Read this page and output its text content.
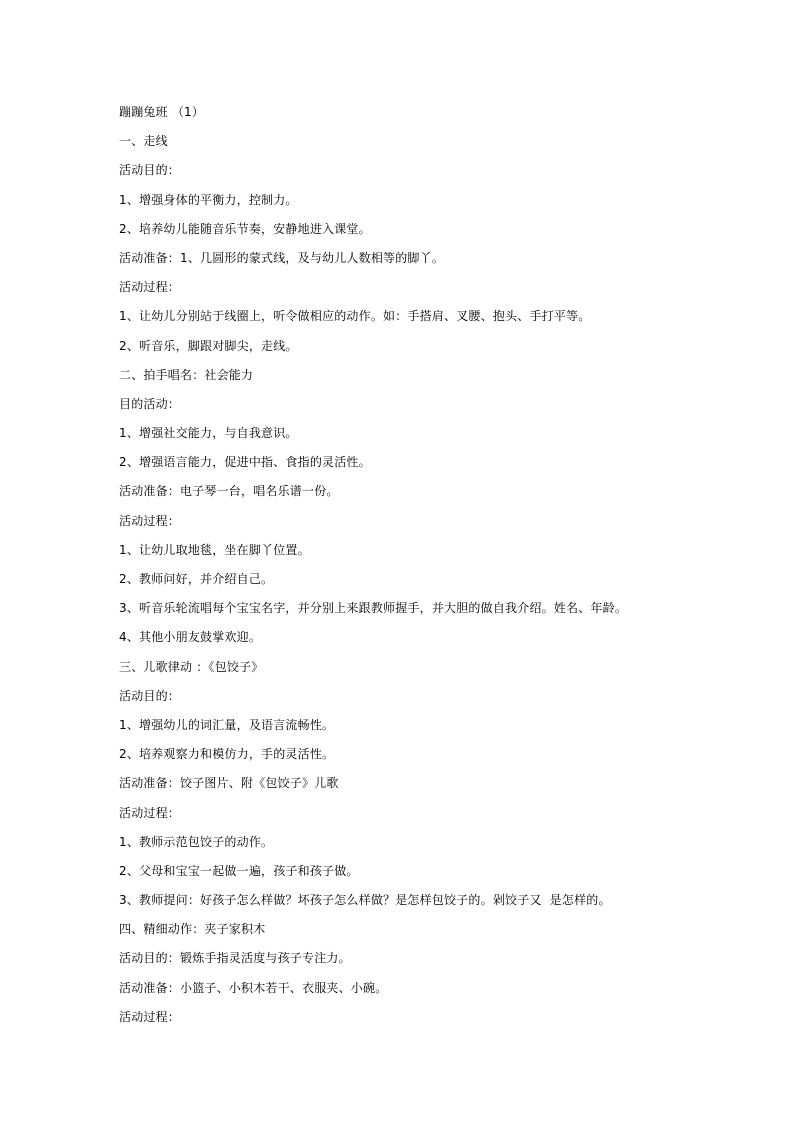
蹦蹦兔班 （1）
一、走线
活动目的：
1、增强身体的平衡力，控制力。
2、培养幼儿能随音乐节奏，安静地进入课堂。
活动准备：1、几圆形的蒙式线，及与幼儿人数相等的脚丫。
活动过程：
1、让幼儿分别站于线圈上，听令做相应的动作。如：手搭肩、叉腰、抱头、手打平等。
2、听音乐，脚跟对脚尖，走线。
二、拍手唱名：社会能力
目的活动：
1、增强社交能力，与自我意识。
2、增强语言能力，促进中指、食指的灵活性。
活动准备：电子琴一台，唱名乐谱一份。
活动过程：
1、让幼儿取地毯，坐在脚丫位置。
2、教师问好，并介绍自己。
3、听音乐轮流唱每个宝宝名字，并分别上来跟教师握手，并大胆的做自我介绍。姓名、年龄。
4、其他小朋友鼓掌欢迎。
三、儿歌律动 ：《包饺子》
活动目的：
1、增强幼儿的词汇量，及语言流畅性。
2、培养观察力和模仿力，手的灵活性。
活动准备：饺子图片、附《包饺子》儿歌
活动过程：
1、教师示范包饺子的动作。
2、父母和宝宝一起做一遍，孩子和孩子做。
3、教师提问：好孩子怎么样做？坏孩子怎么样做？是怎样包饺子的。剁饺子又  是怎样的。
四、精细动作：夹子家积木
活动目的：锻炼手指灵活度与孩子专注力。
活动准备：小篮子、小积木若干、衣服夹、小碗。
活动过程：
